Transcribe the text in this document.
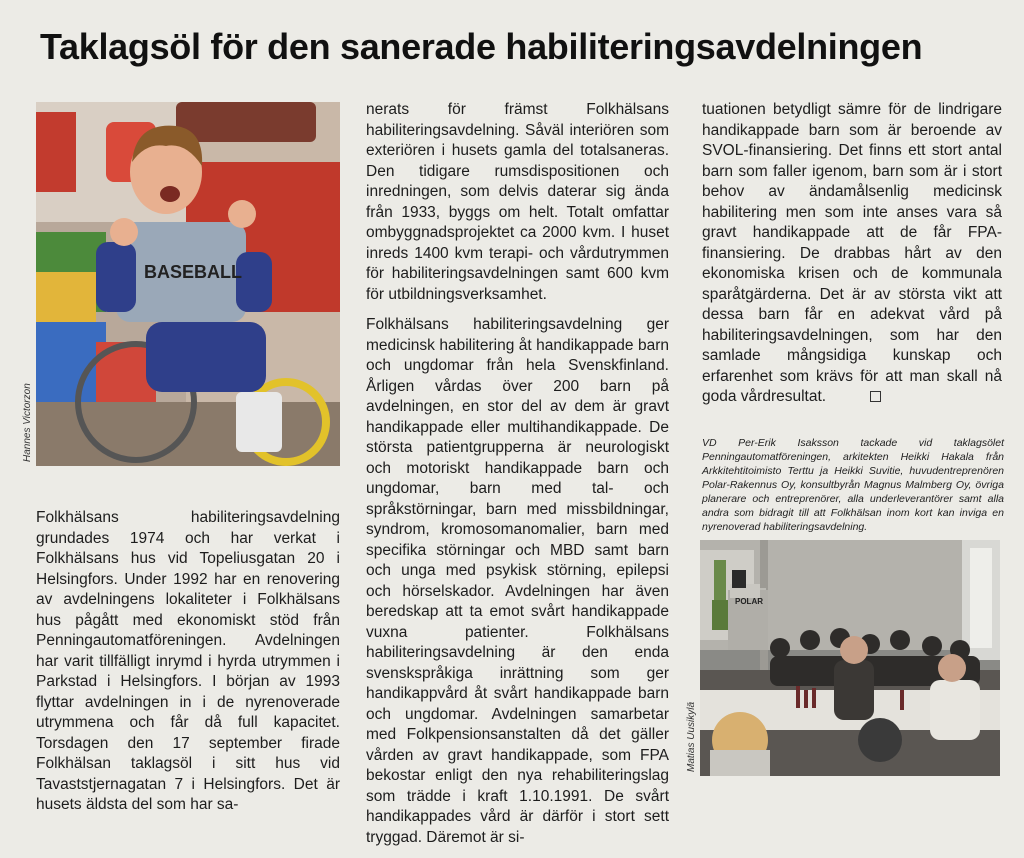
Taklagsöl för den sanerade habiliteringsavdelningen
BASEBALL
Hannes Victorzon
POLAR
Matias Uusikylä

VD Per-Erik Isaksson tackade vid taklagsölet Penningautomatföreningen, arkitekten Heikki Hakala från Arkkitehtitoimisto Terttu ja Heikki Suvitie, huvudentreprenören Polar-Rakennus Oy, konsultbyrån Magnus Malmberg Oy, övriga planerare och entreprenörer, alla underleverantörer samt alla andra som bidragit till att Folkhälsan inom kort kan inviga en nyrenoverad habiliteringsavdelning.

Folkhälsans habiliteringsavdelning grundades 1974 och har verkat i Folkhälsans hus vid Topeliusgatan 20 i Helsingfors. Under 1992 har en renovering av avdelningens lokaliteter i Folkhälsans hus pågått med ekonomiskt stöd från Penningautomatföreningen. Avdelningen har varit tillfälligt inrymd i hyrda utrymmen i Parkstad i Helsingfors. I början av 1993 flyttar avdelningen in i de nyrenoverade utrymmena och får då full kapacitet. Torsdagen den 17 september firade Folkhälsan taklagsöl i sitt hus vid Tavaststjernagatan 7 i Helsingfors. Det är husets äldsta del som har sa-

nerats för främst Folkhälsans habiliteringsavdelning. Såväl interiören som exteriören i husets gamla del totalsaneras. Den tidigare rumsdispositionen och inredningen, som delvis daterar sig ända från 1933, byggs om helt. Totalt omfattar ombyggnadsprojektet ca 2000 kvm. I huset inreds 1400 kvm terapi- och vårdutrymmen för habiliteringsavdelningen samt 600 kvm för utbildningsverksamhet.

Folkhälsans habiliteringsavdelning ger medicinsk habilitering åt handikappade barn och ungdomar från hela Svenskfinland. Årligen vårdas över 200 barn på avdelningen, en stor del av dem är gravt handikappade eller multihandikappade. De största patientgrupperna är neurologiskt och motoriskt handikappade barn och ungdomar, barn med tal- och språkstörningar, barn med missbildningar, syndrom, kromosomanomalier, barn med specifika störningar och MBD samt barn och unga med psykisk störning, epilepsi och hörselskador. Avdelningen har även beredskap att ta emot svårt handikappade vuxna patienter. Folkhälsans habiliteringsavdelning är den enda svenskspråkiga inrättning som ger handikappvård åt svårt handikappade barn och ungdomar. Avdelningen samarbetar med Folkpensionsanstalten då det gäller vården av gravt handikappade, som FPA bekostar enligt den nya rehabiliteringslag som trädde i kraft 1.10.1991. De svårt handikappades vård är därför i stort sett tryggad. Däremot är si-

tuationen betydligt sämre för de lindrigare handikappade barn som är beroende av SVOL-finansiering. Det finns ett stort antal barn som faller igenom, barn som är i stort behov av ändamålsenlig medicinsk habilitering men som inte anses vara så gravt handikappade att de får FPA-finansiering. De drabbas hårt av den ekonomiska krisen och de kommunala sparåtgärderna. Det är av största vikt att dessa barn får en adekvat vård på habiliteringsavdelningen, som har den samlade mångsidiga kunskap och erfarenhet som krävs för att man skall nå goda vårdresultat.
